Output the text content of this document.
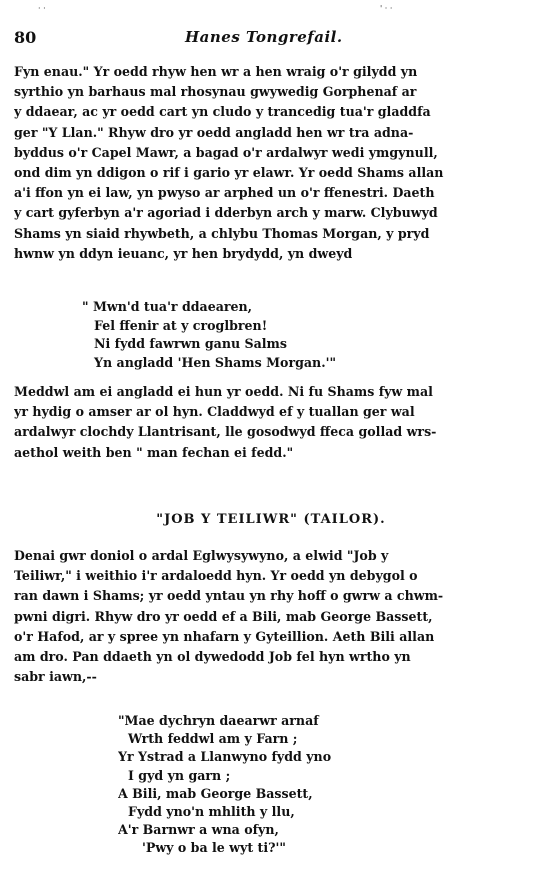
· ·	' · ·
80	Hanes Tongrefail.
Fyn enau." Yr oedd rhyw hen wr a hen wraig o'r gilydd yn
syrthio yn barhaus mal rhosynau gwywedig Gorphenaf ar
y ddaear, ac yr oedd cart yn cludo y trancedig tua'r gladdfa
ger "Y Llan." Rhyw dro yr oedd angladd hen wr tra adna-
byddus o'r Capel Mawr, a bagad o'r ardalwyr wedi ymgynull,
ond dim yn ddigon o rif i gario yr elawr. Yr oedd Shams allan
a'i ffon yn ei law, yn pwyso ar arphed un o'r ffenestri. Daeth
y cart gyferbyn a'r agoriad i dderbyn arch y marw. Clybuwyd
Shams yn siaid rhywbeth, a chlybu Thomas Morgan, y pryd
hwnw yn ddyn ieuanc, yr hen brydydd, yn dweyd
" Mwn'd tua'r ddaearen,
Fel ffenir at y croglbren!
Ni fydd fawrwn ganu Salms
Yn angladd 'Hen Shams Morgan.'"
Meddwl am ei angladd ei hun yr oedd. Ni fu Shams fyw mal
yr hydig o amser ar ol hyn. Claddwyd ef y tuallan ger wal
ardalwyr clochdy Llantrisant, lle gosodwyd ffeca gollad wrs-
aethol weith ben " man fechan ei fedd."
"JOB Y TEILIWR" (TAILOR).
Denai gwr doniol o ardal Eglwysywyno, a elwid "Job y
Teiliwr," i weithio i'r ardaloedd hyn. Yr oedd yn debygol o
ran dawn i Shams; yr oedd yntau yn rhy hoff o gwrw a chwm-
pwni digri. Rhyw dro yr oedd ef a Bili, mab George Bassett,
o'r Hafod, ar y spree yn nhafarn y Gyteillion. Aeth Bili allan
am dro. Pan ddaeth yn ol dywedodd Job fel hyn wrtho yn
sabr iawn,--
"Mae dychryn daearwr arnaf
Wrth feddwl am y Farn ;
Yr Ystrad a Llanwyno fydd yno
I gyd yn garn ;
A Bili, mab George Bassett,
Fydd yno'n mhlith y llu,
A'r Barnwr a wna ofyn,
'Pwy o ba le wyt ti?'"
